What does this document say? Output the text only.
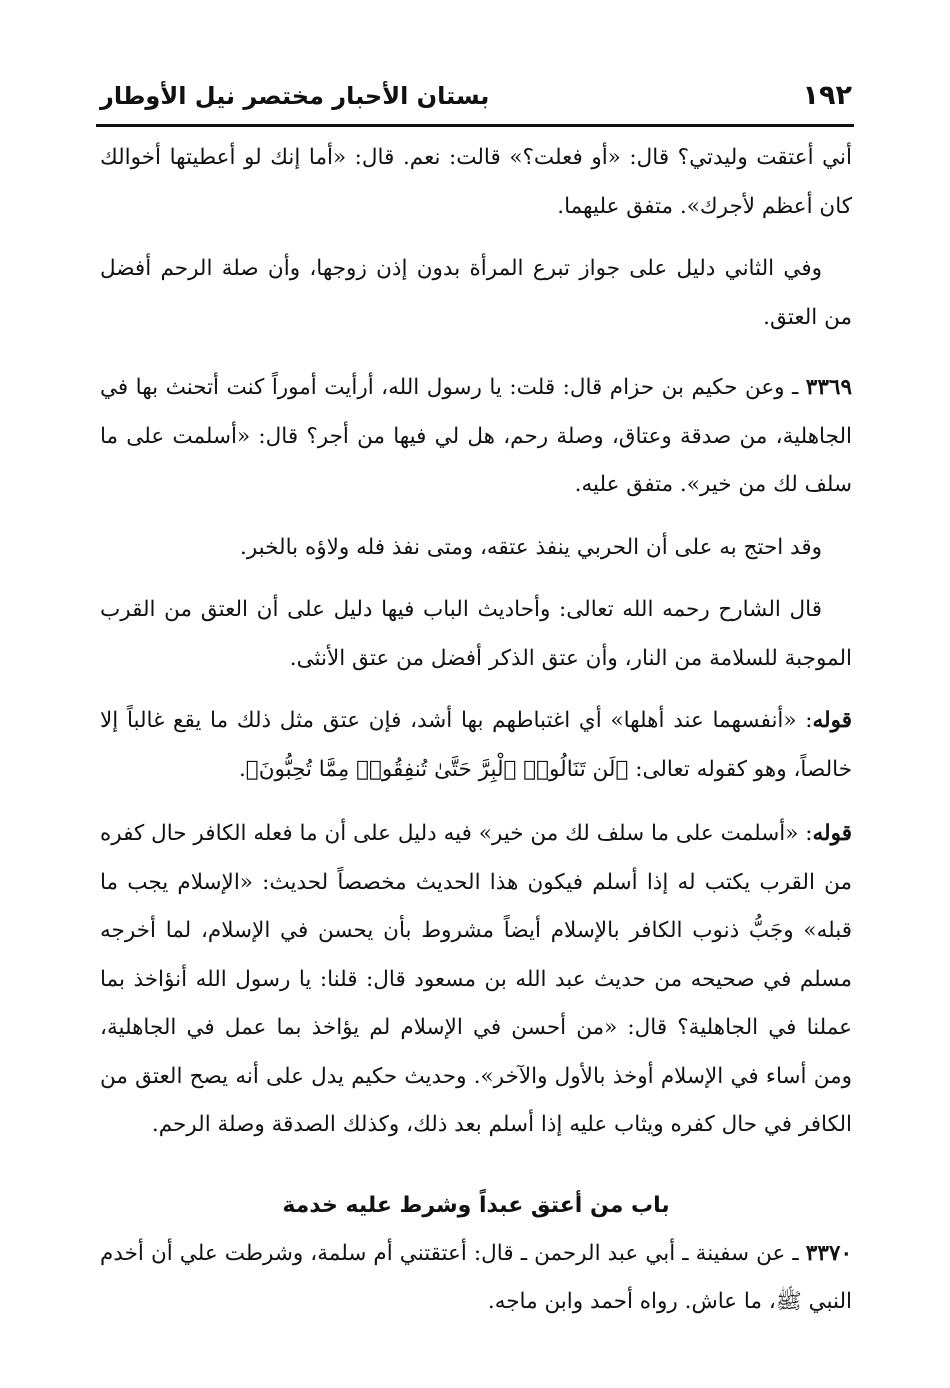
١٩٢
بستان الأحبار مختصر نيل الأوطار

أني أعتقت وليدتي؟ قال: «أو فعلت؟» قالت: نعم. قال: «أما إنك لو أعطيتها أخوالك كان أعظم لأجرك». متفق عليهما.

وفي الثاني دليل على جواز تبرع المرأة بدون إذن زوجها، وأن صلة الرحم أفضل من العتق.

٣٣٦٩ ـ وعن حكيم بن حزام قال: قلت: يا رسول الله، أرأيت أموراً كنت أتحنث بها في الجاهلية، من صدقة وعتاق، وصلة رحم، هل لي فيها من أجر؟ قال: «أسلمت على ما سلف لك من خير». متفق عليه.

وقد احتج به على أن الحربي ينفذ عتقه، ومتى نفذ فله ولاؤه بالخبر.

قال الشارح رحمه الله تعالى: وأحاديث الباب فيها دليل على أن العتق من القرب الموجبة للسلامة من النار، وأن عتق الذكر أفضل من عتق الأنثى.

قوله: «أنفسهما عند أهلها» أي اغتباطهم بها أشد، فإن عتق مثل ذلك ما يقع غالباً إلا خالصاً، وهو كقوله تعالى: ﴿لَن تَنَالُوا۟ ٱلْبِرَّ حَتَّىٰ تُنفِقُوا۟ مِمَّا تُحِبُّونَ﴾.

قوله: «أسلمت على ما سلف لك من خير» فيه دليل على أن ما فعله الكافر حال كفره من القرب يكتب له إذا أسلم فيكون هذا الحديث مخصصاً لحديث: «الإسلام يجب ما قبله» وجَبُّ ذنوب الكافر بالإسلام أيضاً مشروط بأن يحسن في الإسلام، لما أخرجه مسلم في صحيحه من حديث عبد الله بن مسعود قال: قلنا: يا رسول الله أنؤاخذ بما عملنا في الجاهلية؟ قال: «من أحسن في الإسلام لم يؤاخذ بما عمل في الجاهلية، ومن أساء في الإسلام أوخذ بالأول والآخر». وحديث حكيم يدل على أنه يصح العتق من الكافر في حال كفره ويثاب عليه إذا أسلم بعد ذلك، وكذلك الصدقة وصلة الرحم.

باب من أعتق عبداً وشرط عليه خدمة

٣٣٧٠ ـ عن سفينة ـ أبي عبد الرحمن ـ قال: أعتقتني أم سلمة، وشرطت علي أن أخدم النبي ﷺ، ما عاش. رواه أحمد وابن ماجه.
